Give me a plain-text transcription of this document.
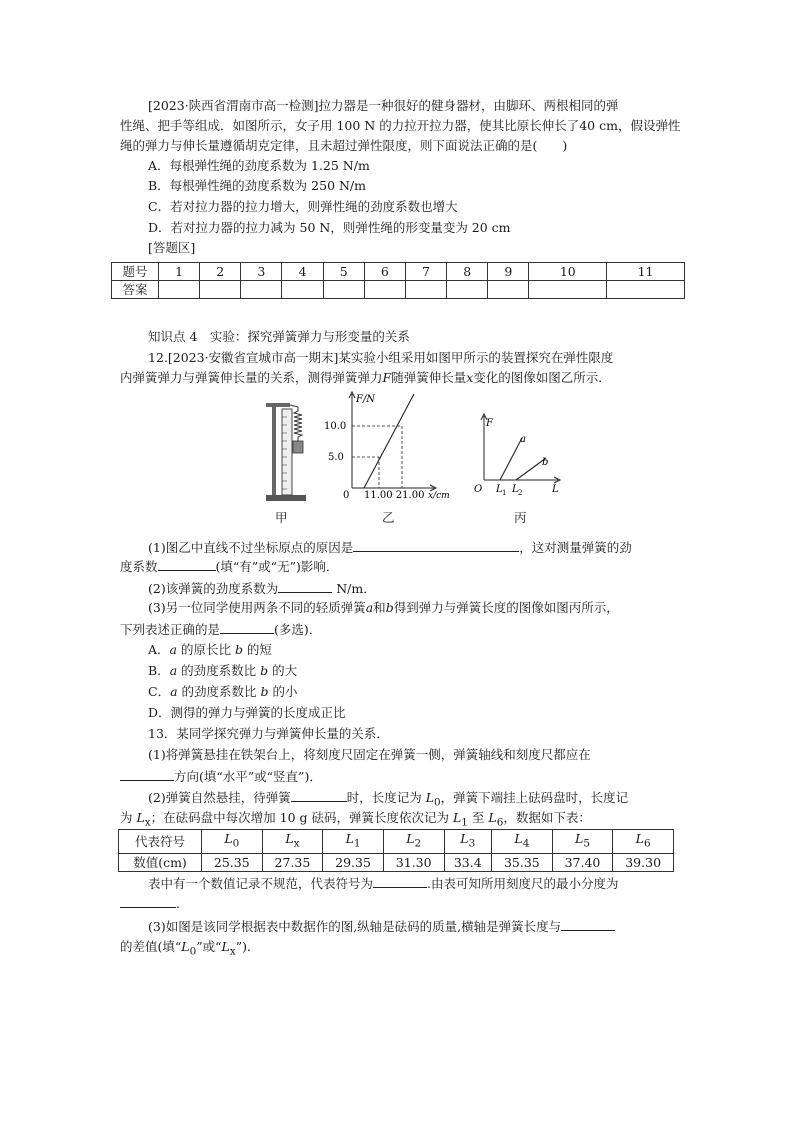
[2023·陕西省渭南市高一检测]拉力器是一种很好的健身器材，由脚环、两根相同的弹
性绳、把手等组成．如图所示，女子用 100 N 的力拉开拉力器，使其比原长伸长了40 cm，假设弹性
绳的弹力与伸长量遵循胡克定律，且未超过弹性限度，则下面说法正确的是(　　)
A．每根弹性绳的劲度系数为 1.25 N/m
B．每根弹性绳的劲度系数为 250 N/m
C．若对拉力器的拉力增大，则弹性绳的劲度系数也增大
D．若对拉力器的拉力减为 50 N，则弹性绳的形变量变为 20 cm
[答题区]
题号	1	2	3	4	5	6	7	8	9	10	11
答案											
知识点 4　实验：探究弹簧弹力与形变量的关系
12.[2023·安徽省宣城市高一期末]某实验小组采用如图甲所示的装置探究在弹性限度
内弹簧弹力与弹簧伸长量的关系，测得弹簧弹力F随弹簧伸长量x变化的图像如图乙所示．
甲
F/N
10.0
5.0
0 11.00 21.00 x/cm
乙
F
O
a
b
L 1 L 2	L
丙
(1)图乙中直线不过坐标原点的原因是	，这对测量弹簧的劲
度系数	(填“有”或“无”)影响．
(2)该弹簧的劲度系数为	N/m．
(3)另一位同学使用两条不同的轻质弹簧a和b得到弹力与弹簧长度的图像如图丙所示，
下列表述正确的是	(多选)．
A．a 的原长比 b 的短
B．a 的劲度系数比 b 的大
C．a 的劲度系数比 b 的小
D．测得的弹力与弹簧的长度成正比
13．某同学探究弹力与弹簧伸长量的关系．
(1)将弹簧悬挂在铁架台上，将刻度尺固定在弹簧一侧，弹簧轴线和刻度尺都应在
方向(填“水平”或“竖直”)．
(2)弹簧自然悬挂，待弹簧	时，长度记为 $L_0$，弹簧下端挂上砝码盘时，长度记
为 $L_x$；在砝码盘中每次增加 10 g 砝码，弹簧长度依次记为 $L_1$ 至 $L_6$，数据如下表：
代表符号	$L_0$	$L_x$	$L_1$	$L_2$	$L_3$	$L_4$	$L_5$	$L_6$
数值(cm)	25.35	27.35	29.35	31.30	33.4	35.35	37.40	39.30
表中有一个数值记录不规范，代表符号为	.由表可知所用刻度尺的最小分度为
.
(3)如图是该同学根据表中数据作的图,纵轴是砝码的质量,横轴是弹簧长度与
的差值(填“$L_0$”或“$L_x$”)．
